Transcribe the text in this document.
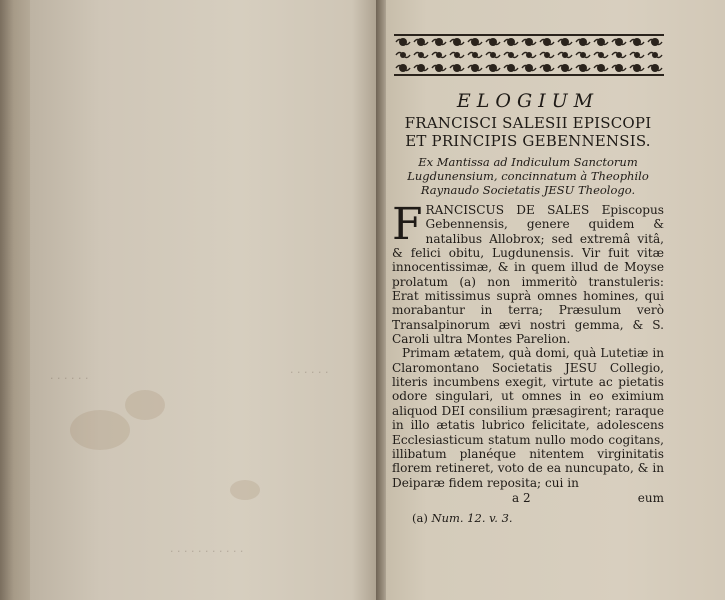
· · · · · ·	· · · · · ·
· · · · · · · · · · ·

ELOGIUM

FRANCISCI SALESII EPISCOPI ET PRINCIPIS GEBENNENSIS.

Ex Mantissa ad Indiculum Sanctorum Lugdunensium, concinnatum à Theophilo Raynaudo Societatis JESU Theologo.

FRANCISCUS DE SALES Episcopus Gebennensis, genere quidem & natalibus Allobrox; sed extremâ vitâ, & felici obitu, Lugdunensis. Vir fuit vitæ innocentissimæ, & in quem illud de Moyse prolatum (a) non immeritò transtuleris: Erat mitissimus suprà omnes homines, qui morabantur in terra; Præsulum verò Transalpinorum ævi nostri gemma, & S. Caroli ultra Montes Parelion.

Primam ætatem, quà domi, quà Lutetiæ in Claromontano Societatis JESU Collegio, literis incumbens exegit, virtute ac pietatis odore singulari, ut omnes in eo eximium aliquod DEI consilium præsagirent; raraque in illo ætatis lubrico felicitate, adolescens Ecclesiasticum statum nullo modo cogitans, illibatum planéque nitentem virginitatis florem retineret, voto de ea nuncupato, & in Deiparæ fidem reposita; cui in

a 2	eum
(a) Num. 12. v. 3.
